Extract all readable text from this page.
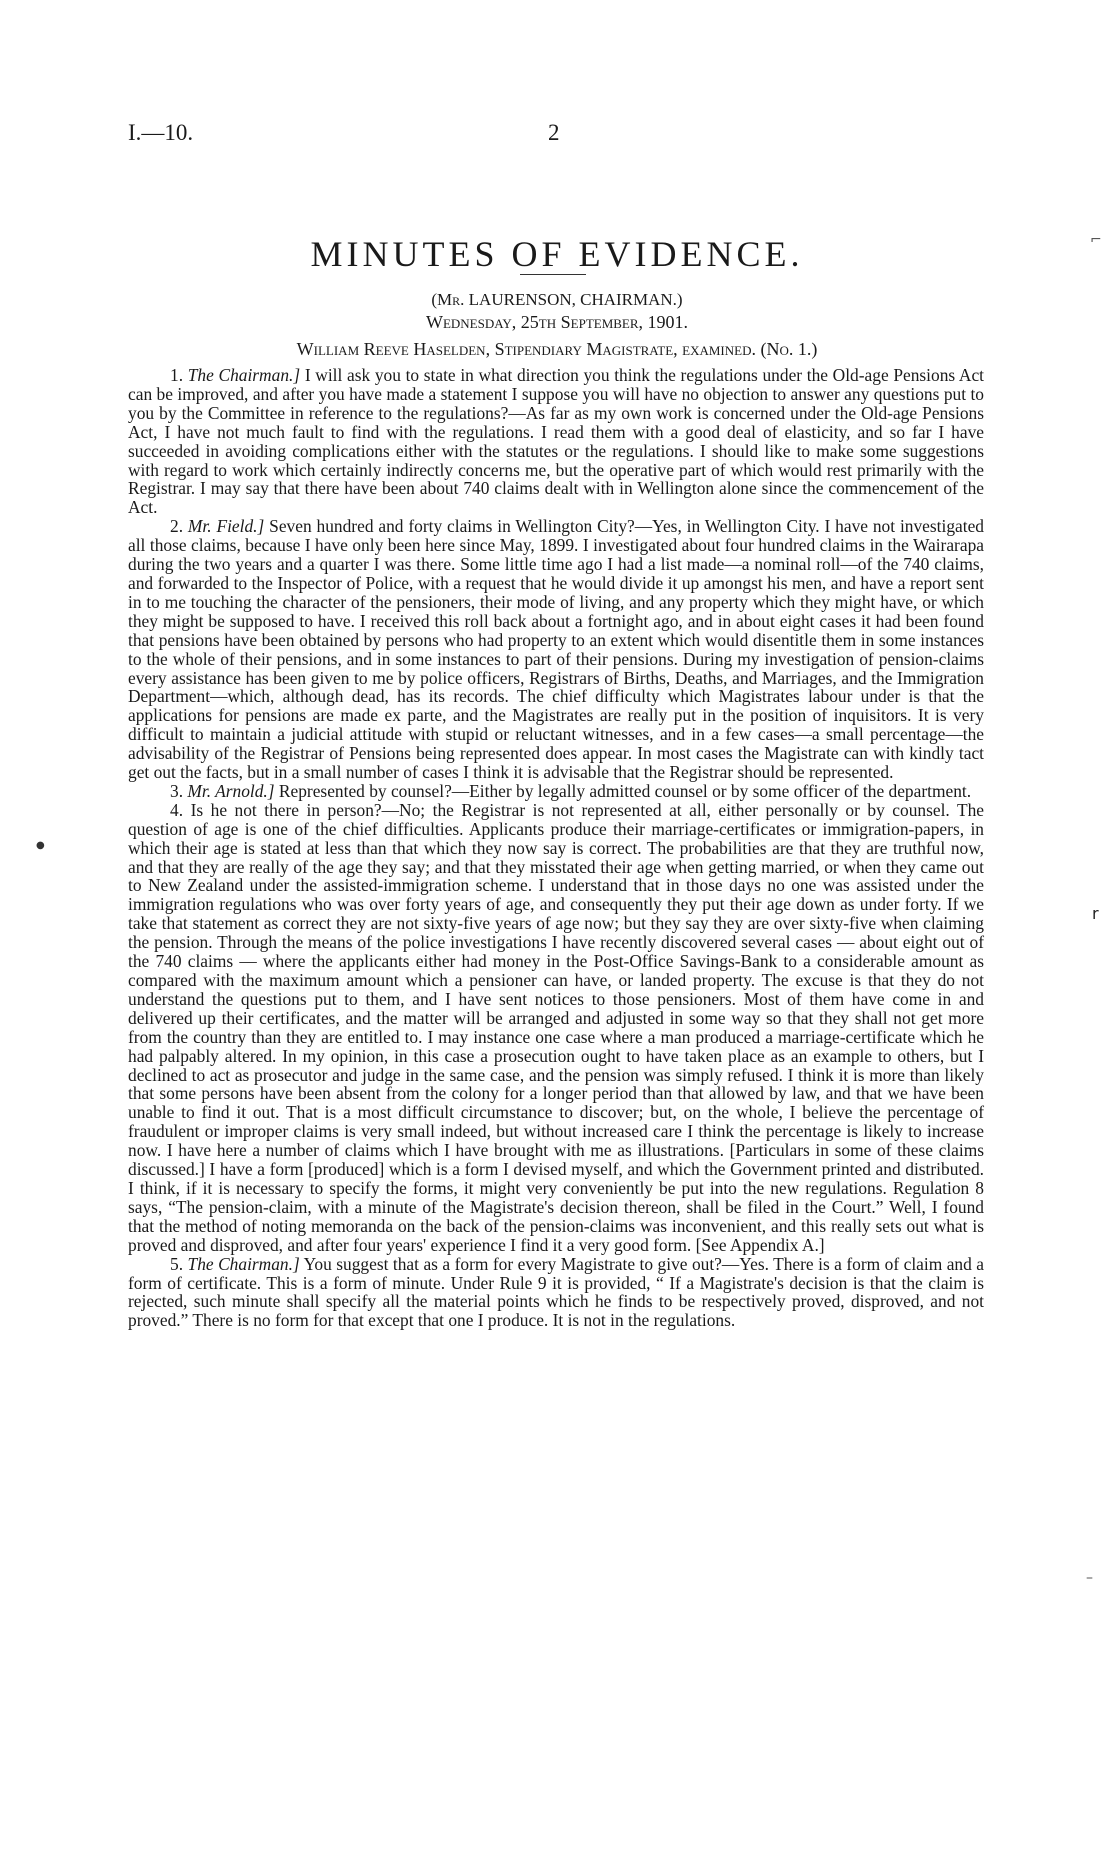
I.—10.	2
MINUTES OF EVIDENCE.
(Mr. LAURENSON, CHAIRMAN.)
Wednesday, 25th September, 1901.
William Reeve Haselden, Stipendiary Magistrate, examined. (No. 1.)

1. The Chairman.] I will ask you to state in what direction you think the regulations under the Old-age Pensions Act can be improved, and after you have made a statement I suppose you will have no objection to answer any questions put to you by the Committee in reference to the regulations?—As far as my own work is concerned under the Old-age Pensions Act, I have not much fault to find with the regulations. I read them with a good deal of elasticity, and so far I have succeeded in avoiding complications either with the statutes or the regulations. I should like to make some suggestions with regard to work which certainly indirectly concerns me, but the operative part of which would rest primarily with the Registrar. I may say that there have been about 740 claims dealt with in Wellington alone since the commencement of the Act.

2. Mr. Field.] Seven hundred and forty claims in Wellington City?—Yes, in Wellington City. I have not investigated all those claims, because I have only been here since May, 1899. I investigated about four hundred claims in the Wairarapa during the two years and a quarter I was there. Some little time ago I had a list made—a nominal roll—of the 740 claims, and forwarded to the Inspector of Police, with a request that he would divide it up amongst his men, and have a report sent in to me touching the character of the pensioners, their mode of living, and any property which they might have, or which they might be supposed to have. I received this roll back about a fortnight ago, and in about eight cases it had been found that pensions have been obtained by persons who had property to an extent which would disentitle them in some instances to the whole of their pensions, and in some instances to part of their pensions. During my investigation of pension-claims every assistance has been given to me by police officers, Registrars of Births, Deaths, and Marriages, and the Immigration Department—which, although dead, has its records. The chief difficulty which Magistrates labour under is that the applications for pensions are made ex parte, and the Magistrates are really put in the position of inquisitors. It is very difficult to maintain a judicial attitude with stupid or reluctant witnesses, and in a few cases—a small percentage—the advisability of the Registrar of Pensions being represented does appear. In most cases the Magistrate can with kindly tact get out the facts, but in a small number of cases I think it is advisable that the Registrar should be represented.

3. Mr. Arnold.] Represented by counsel?—Either by legally admitted counsel or by some officer of the department.

4. Is he not there in person?—No; the Registrar is not represented at all, either personally or by counsel. The question of age is one of the chief difficulties. Applicants produce their marriage-certificates or immigration-papers, in which their age is stated at less than that which they now say is correct. The probabilities are that they are truthful now, and that they are really of the age they say; and that they misstated their age when getting married, or when they came out to New Zealand under the assisted-immigration scheme. I understand that in those days no one was assisted under the immigration regulations who was over forty years of age, and consequently they put their age down as under forty. If we take that statement as correct they are not sixty-five years of age now; but they say they are over sixty-five when claiming the pension. Through the means of the police investigations I have recently discovered several cases — about eight out of the 740 claims — where the applicants either had money in the Post-Office Savings-Bank to a considerable amount as compared with the maximum amount which a pensioner can have, or landed property. The excuse is that they do not understand the questions put to them, and I have sent notices to those pensioners. Most of them have come in and delivered up their certificates, and the matter will be arranged and adjusted in some way so that they shall not get more from the country than they are entitled to. I may instance one case where a man produced a marriage-certificate which he had palpably altered. In my opinion, in this case a prosecution ought to have taken place as an example to others, but I declined to act as prosecutor and judge in the same case, and the pension was simply refused. I think it is more than likely that some persons have been absent from the colony for a longer period than that allowed by law, and that we have been unable to find it out. That is a most difficult circumstance to discover; but, on the whole, I believe the percentage of fraudulent or improper claims is very small indeed, but without increased care I think the percentage is likely to increase now. I have here a number of claims which I have brought with me as illustrations. [Particulars in some of these claims discussed.] I have a form [produced] which is a form I devised myself, and which the Government printed and distributed. I think, if it is necessary to specify the forms, it might very conveniently be put into the new regulations. Regulation 8 says, “The pension-claim, with a minute of the Magistrate's decision thereon, shall be filed in the Court.” Well, I found that the method of noting memoranda on the back of the pension-claims was inconvenient, and this really sets out what is proved and disproved, and after four years' experience I find it a very good form. [See Appendix A.]

5. The Chairman.] You suggest that as a form for every Magistrate to give out?—Yes. There is a form of claim and a form of certificate. This is a form of minute. Under Rule 9 it is provided, “ If a Magistrate's decision is that the claim is rejected, such minute shall specify all the material points which he finds to be respectively proved, disproved, and not proved.” There is no form for that except that one I produce. It is not in the regulations.

⌐
r
–
●
